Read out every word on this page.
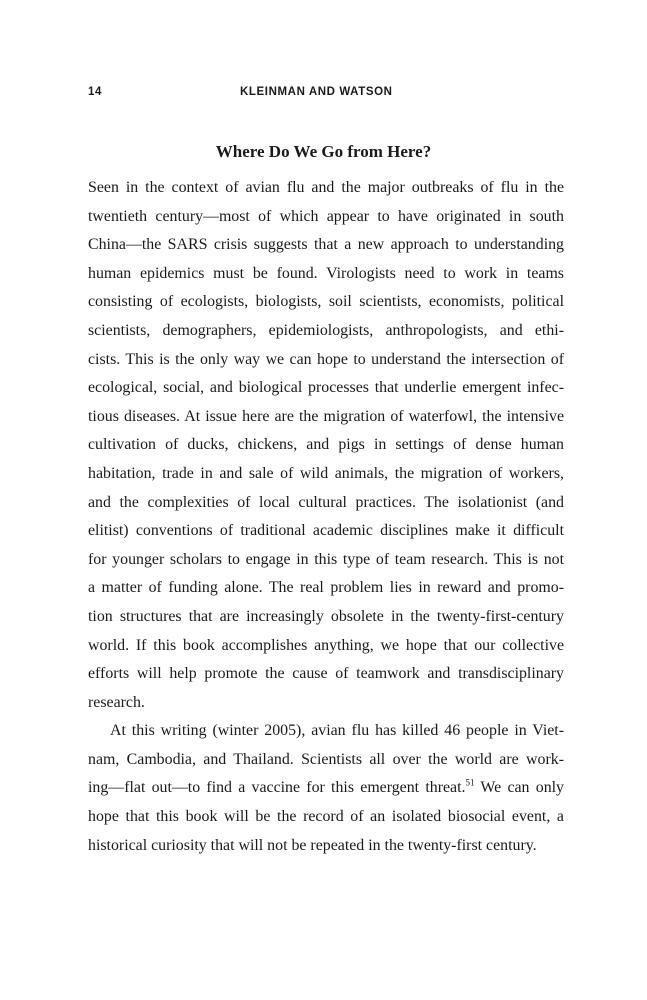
14	KLEINMAN AND WATSON
Where Do We Go from Here?

Seen in the context of avian flu and the major outbreaks of flu in the
twentieth century—most of which appear to have originated in south
China—the SARS crisis suggests that a new approach to understanding
human epidemics must be found. Virologists need to work in teams
consisting of ecologists, biologists, soil scientists, economists, political
scientists, demographers, epidemiologists, anthropologists, and ethi-
cists. This is the only way we can hope to understand the intersection of
ecological, social, and biological processes that underlie emergent infec-
tious diseases. At issue here are the migration of waterfowl, the intensive
cultivation of ducks, chickens, and pigs in settings of dense human
habitation, trade in and sale of wild animals, the migration of workers,
and the complexities of local cultural practices. The isolationist (and
elitist) conventions of traditional academic disciplines make it difficult
for younger scholars to engage in this type of team research. This is not
a matter of funding alone. The real problem lies in reward and promo-
tion structures that are increasingly obsolete in the twenty-first-century
world. If this book accomplishes anything, we hope that our collective
efforts will help promote the cause of teamwork and transdisciplinary
research.

At this writing (winter 2005), avian flu has killed 46 people in Viet-
nam, Cambodia, and Thailand. Scientists all over the world are work-
ing—flat out—to find a vaccine for this emergent threat.$^{51}$ We can only
hope that this book will be the record of an isolated biosocial event, a
historical curiosity that will not be repeated in the twenty-first century.
